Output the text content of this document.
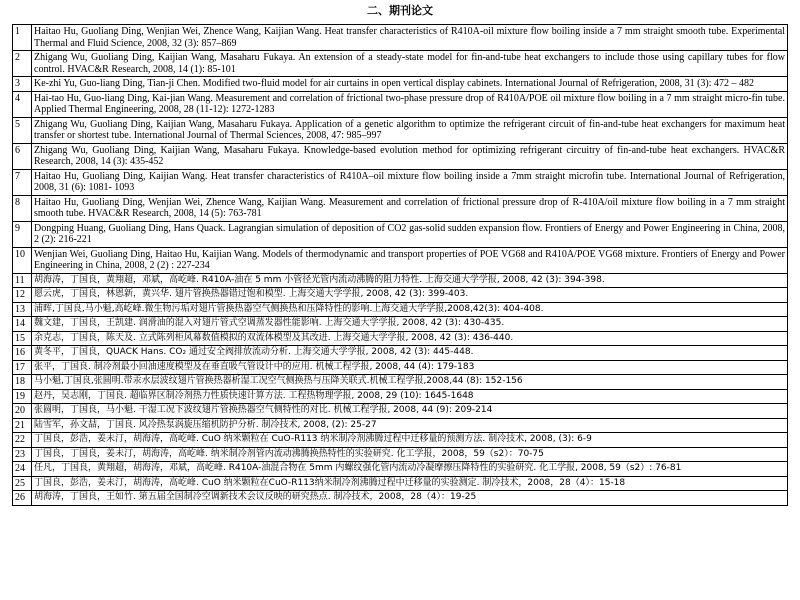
二、期刊论文
1	Haitao Hu, Guoliang Ding, Wenjian Wei, Zhence Wang, Kaijian Wang. Heat transfer characteristics of R410A-oil mixture flow boiling inside a 7 mm straight smooth tube. Experimental Thermal and Fluid Science, 2008, 32 (3): 857–869
2	Zhigang Wu, Guoliang Ding, Kaijian Wang, Masaharu Fukaya. An extension of a steady-state model for fin-and-tube heat exchangers to include those using capillary tubes for flow control. HVAC&R Research, 2008, 14 (1): 85-101
3	Ke-zhi Yu, Guo-liang Ding, Tian-ji Chen. Modified two-fluid model for air curtains in open vertical display cabinets. International Journal of Refrigeration, 2008, 31 (3): 472 – 482
4	Hai-tao Hu, Guo-liang Ding, Kai-jian Wang. Measurement and correlation of frictional two-phase pressure drop of R410A/POE oil mixture flow boiling in a 7 mm straight micro-fin tube. Applied Thermal Engineering, 2008, 28 (11-12): 1272-1283
5	Zhigang Wu, Guoliang Ding, Kaijian Wang, Masaharu Fukaya. Application of a genetic algorithm to optimize the refrigerant circuit of fin-and-tube heat exchangers for maximum heat transfer or shortest tube. International Journal of Thermal Sciences, 2008, 47: 985–997
6	Zhigang Wu, Guoliang Ding, Kaijian Wang, Masaharu Fukaya. Knowledge-based evolution method for optimizing refrigerant circuitry of fin-and-tube heat exchangers. HVAC&R Research, 2008, 14 (3): 435-452
7	Haitao Hu, Guoliang Ding, Kaijian Wang. Heat transfer characteristics of R410A–oil mixture flow boiling inside a 7mm straight microfin tube. International Journal of Refrigeration, 2008, 31 (6): 1081- 1093
8	Haitao Hu, Guoliang Ding, Wenjian Wei, Zhence Wang, Kaijian Wang. Measurement and correlation of frictional pressure drop of R-410A/oil mixture flow boiling in a 7 mm straight smooth tube. HVAC&R Research, 2008, 14 (5): 763-781
9	Dongping Huang, Guoliang Ding, Hans Quack. Lagrangian simulation of deposition of CO2 gas-solid sudden expansion flow. Frontiers of Energy and Power Engineering in China, 2008, 2 (2): 216-221
10	Wenjian Wei, Guoliang Ding, Haitao Hu, Kaijian Wang. Models of thermodynamic and transport properties of POE VG68 and R410A/POE VG68 mixture. Frontiers of Energy and Power Engineering in China, 2008, 2 (2) : 227-234
11	胡海涛，丁国良，黄翔超，邓斌，高屹峰. R410A-油在 5 mm 小管径光管内流动沸腾的阻力特性. 上海交通大学学报, 2008, 42 (3): 394-398.
12	愿云虎，丁国良，林恩新，黄兴华. 翅片管换热器错过饱和模型. 上海交通大学学报, 2008, 42 (3): 399-403.
13	浦晖,丁国良,马小魁,高屹峰.微生物污垢对翅片管换热器空气侧换热和压降特性的影响.上海交通大学学报,2008,42(3): 404-408.
14	魏文建，丁国良，王凯建. 润滑油的混入对翅片管式空调蒸发器性能影响. 上海交通大学学报, 2008, 42 (3): 430-435.
15	余克志，丁国良，陈天及. 立式陈列柜风幕数值模拟的双流体模型及其改进. 上海交通大学学报, 2008, 42 (3): 436-440.
16	黄冬平，丁国良，QUACK Hans. CO₂ 通过安全阀排放流动分析. 上海交通大学学报, 2008, 42 (3): 445-448.
17	张平，丁国良. 制冷剂最小回油速度模型及在垂直吸气管设计中的应用. 机械工程学报, 2008, 44 (4): 179-183
18	马小魁,丁国良,张圆明.带汞水层波纹翅片管换热器析湿工况空气侧换热与压降关联式.机械工程学报,2008,44 (8): 152-156
19	赵丹，吴志刚，丁国良. 超临界区制冷剂热力性质快速计算方法. 工程热物理学报, 2008, 29 (10): 1645-1648
20	张圆明，丁国良，马小魁. 干湿工况下波纹翅片管换热器空气侧特性的对比. 机械工程学报, 2008, 44 (9): 209-214
21	陆雪军，孙文喆，丁国良. 风冷热泵涡旋压缩机防护分析. 制冷技术, 2008, (2): 25-27
22	丁国良，彭浩，姜未汀，胡海涛，高屹峰. CuO 纳米颗粒在 CuO-R113 纳米制冷剂沸腾过程中迁移量的预测方法. 制冷技术, 2008, (3): 6-9
23	丁国良，丁国良，姜未汀，胡海涛，高屹峰. 纳米制冷剂管内流动沸腾换热特性的实验研究. 化工学报，2008，59（s2）：70-75
24	任凡，丁国良，黄翔超，胡海涛，邓斌，高屹峰. R410A-油混合物在 5mm 内螺纹强化管内流动冷凝摩擦压降特性的实验研究. 化工学报, 2008, 59（s2）: 76-81
25	丁国良，彭浩，姜未汀，胡海涛，高屹峰. CuO 纳米颗粒在CuO-R113纳米制冷剂沸腾过程中迁移量的实验测定. 制冷技术，2008，28（4）：15-18
26	胡海涛，丁国良，王如竹. 第五届全国制冷空调新技术会议反映的研究热点. 制冷技术，2008，28（4）：19-25
